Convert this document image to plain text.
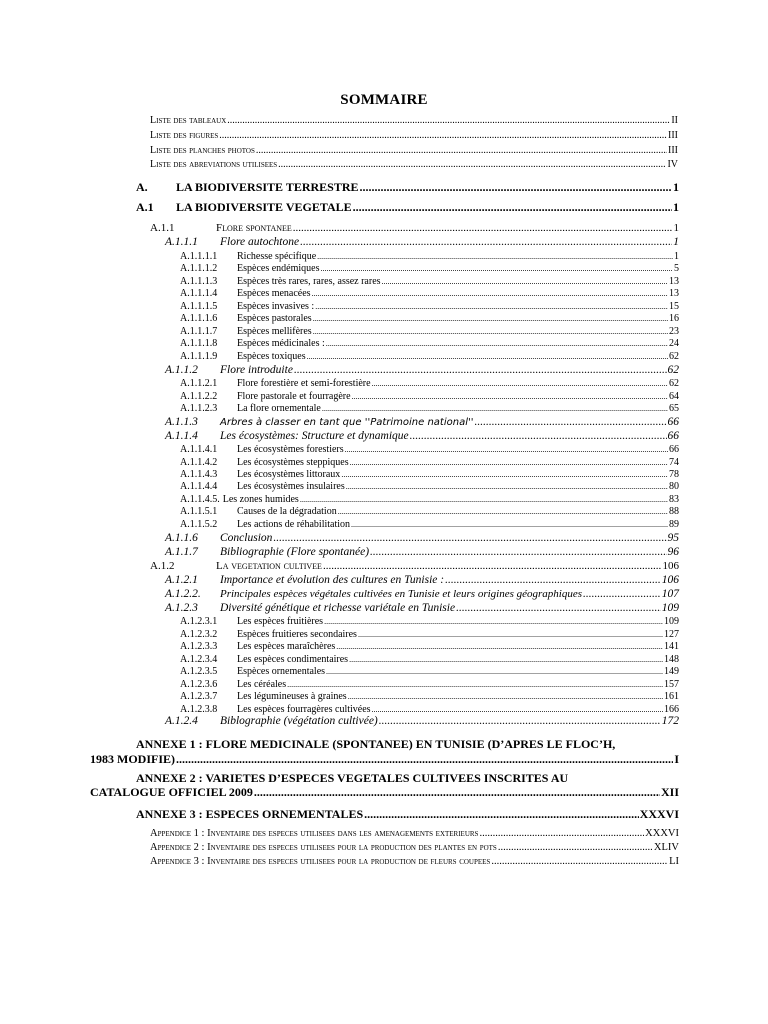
SOMMAIRE
Liste des tableaux .....	II
Liste des figures .....	III
Liste des planches photos .....	III
Liste des abreviations utilisees .....	IV
A.	LA BIODIVERSITE TERRESTRE .....	1
A.1	LA BIODIVERSITE VEGETALE .....	1
A.1.1	Flore spontanee .....	1
A.1.1.1	Flore autochtone .....	1
A.1.1.1.1	Richesse spécifique .....	1
A.1.1.1.2	Espèces endémiques .....	5
A.1.1.1.3	Espèces très rares, rares, assez rares .....	13
A.1.1.1.4	Espèces menacées .....	13
A.1.1.1.5	Espèces invasives : .....	15
A.1.1.1.6	Espèces pastorales .....	16
A.1.1.1.7	Espèces mellifères .....	23
A.1.1.1.8	Espèces médicinales : .....	24
A.1.1.1.9	Espèces toxiques .....	62
A.1.1.2	Flore introduite .....	62
A.1.1.2.1	Flore forestière et semi-forestière .....	62
A.1.1.2.2	Flore pastorale et fourragère .....	64
A.1.1.2.3	La flore ornementale .....	65
A.1.1.3	Arbres à classer en tant que ''Patrimoine national'' .....	66
A.1.1.4	Les écosystèmes: Structure et dynamique .....	66
A.1.1.4.1	Les écosystèmes forestiers .....	66
A.1.1.4.2	Les écosystèmes steppiques .....	74
A.1.1.4.3	Les écosystèmes littoraux .....	78
A.1.1.4.4	Les écosystèmes insulaires .....	80
A.1.1.4.5. Les zones humides .....	83
A.1.1.5.1	Causes de la dégradation .....	88
A.1.1.5.2	Les actions de réhabilitation .....	89
A.1.1.6	Conclusion .....	95
A.1.1.7	Bibliographie (Flore spontanée) .....	96
A.1.2	La vegetation cultivee .....	106
A.1.2.1	Importance et évolution des cultures en Tunisie : .....	106
A.1.2.2.	Principales espèces végétales cultivées en Tunisie et leurs origines géographiques .....	107
A.1.2.3	Diversité génétique et richesse variétale en Tunisie .....	109
A.1.2.3.1	Les espèces fruitières .....	109
A.1.2.3.2	Espèces fruitieres secondaires .....	127
A.1.2.3.3	Les espèces maraîchères .....	141
A.1.2.3.4	Les espèces condimentaires .....	148
A.1.2.3.5	Espèces ornementales .....	149
A.1.2.3.6	Les céréales .....	157
A.1.2.3.7	Les légumineuses à graines .....	161
A.1.2.3.8	Les espèces fourragères cultivées .....	166
A.1.2.4	Biblographie (végétation cultivée) .....	172
ANNEXE 1 : FLORE MEDICINALE (SPONTANEE) EN TUNISIE (D’APRES LE FLOC’H,
1983 MODIFIE) .....	I
ANNEXE 2 : VARIETES D’ESPECES VEGETALES CULTIVEES INSCRITES AU
CATALOGUE OFFICIEL 2009 .....	XII
ANNEXE 3 : ESPECES ORNEMENTALES .....	XXXVI
Appendice 1 : Inventaire des especes utilisees dans les amenagements exterieurs .....	XXXVI
Appendice 2 : Inventaire des especes utilisees pour la production des plantes en pots .....	XLIV
Appendice 3 : Inventaire des especes utilisees pour la production de fleurs coupees .....	LI
